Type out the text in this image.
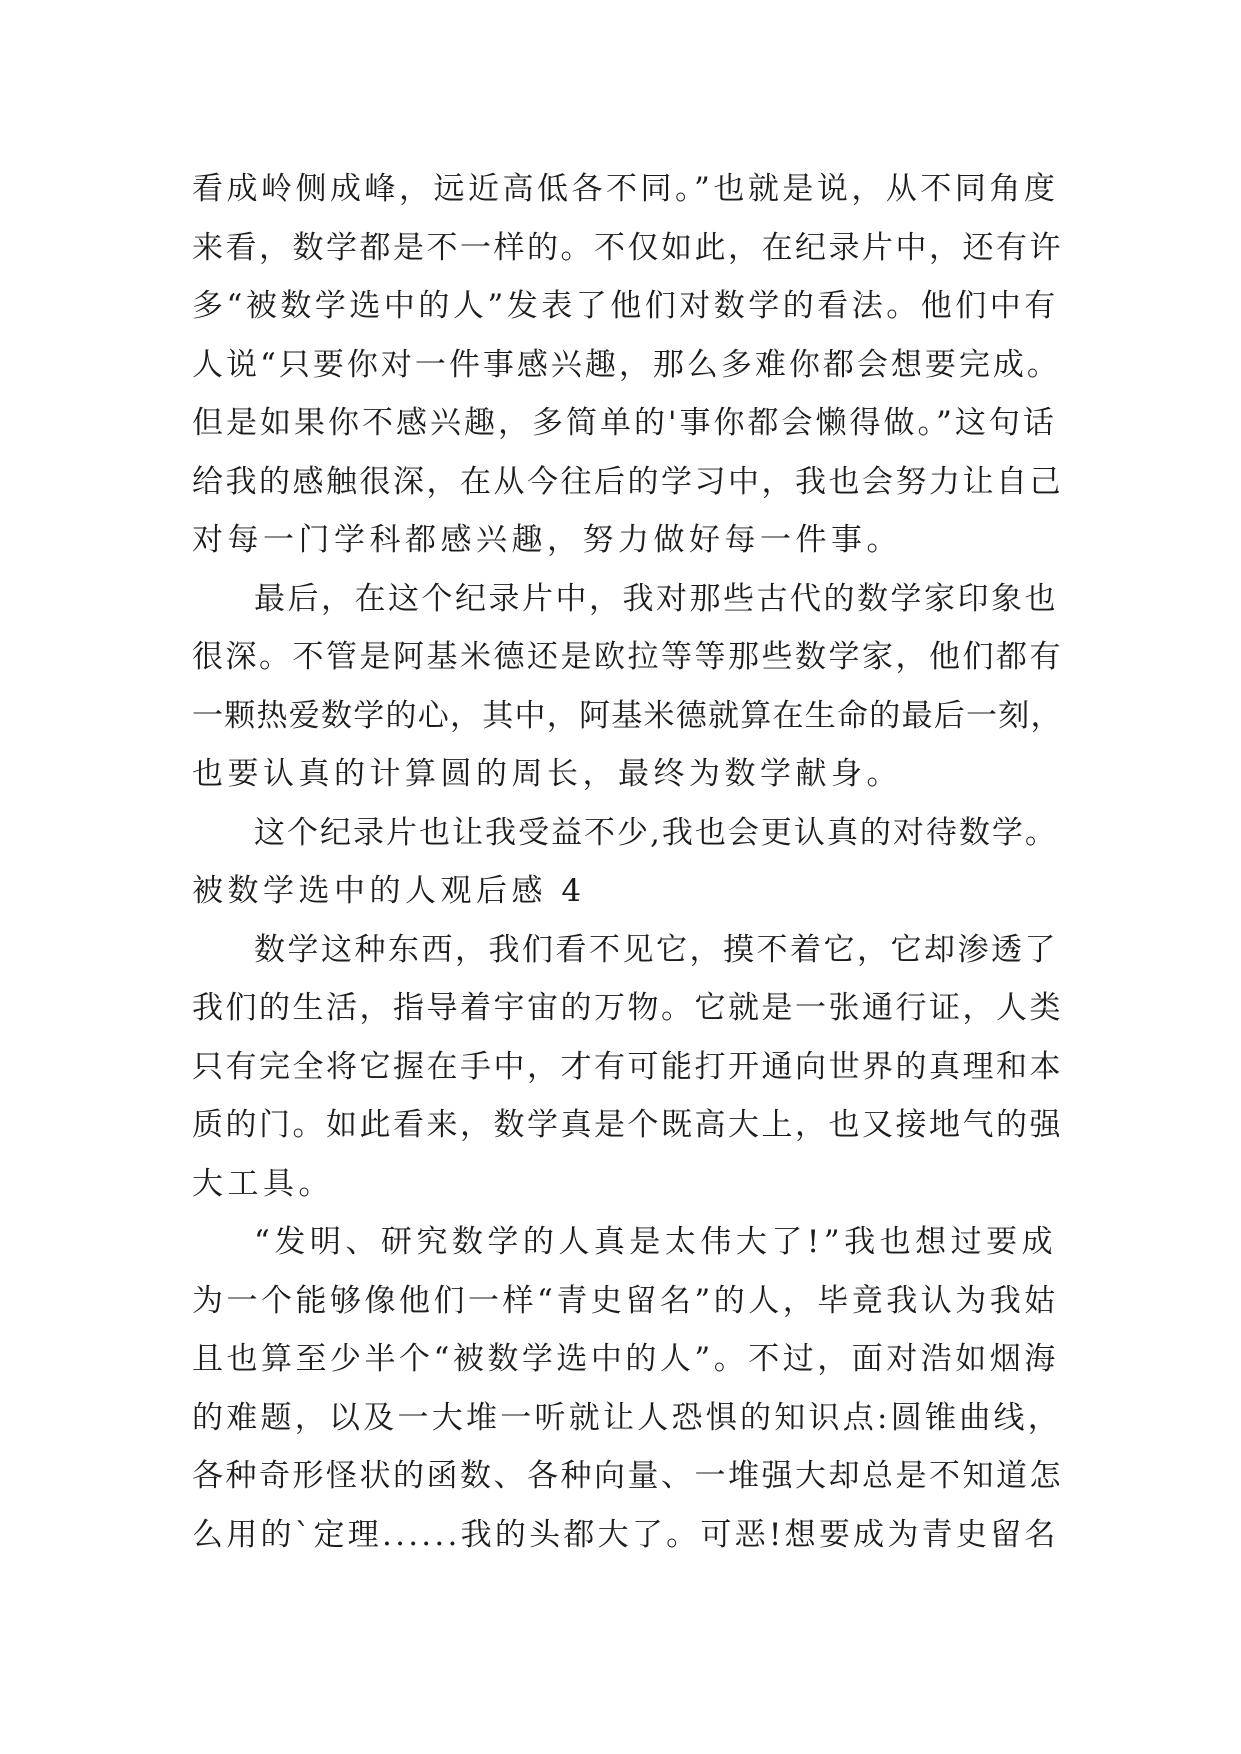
看成岭侧成峰，远近高低各不同。”也就是说，从不同角度
来看，数学都是不一样的。不仅如此，在纪录片中，还有许
多“被数学选中的人”发表了他们对数学的看法。他们中有
人说“只要你对一件事感兴趣，那么多难你都会想要完成。
但是如果你不感兴趣，多简单的'事你都会懒得做。”这句话
给我的感触很深，在从今往后的学习中，我也会努力让自己
对每一门学科都感兴趣，努力做好每一件事。
最后，在这个纪录片中，我对那些古代的数学家印象也
很深。不管是阿基米德还是欧拉等等那些数学家，他们都有
一颗热爱数学的心，其中，阿基米德就算在生命的最后一刻，
也要认真的计算圆的周长，最终为数学献身。
这个纪录片也让我受益不少,我也会更认真的对待数学。
被数学选中的人观后感 4
数学这种东西，我们看不见它，摸不着它，它却渗透了
我们的生活，指导着宇宙的万物。它就是一张通行证，人类
只有完全将它握在手中，才有可能打开通向世界的真理和本
质的门。如此看来，数学真是个既高大上，也又接地气的强
大工具。
“发明、研究数学的人真是太伟大了!”我也想过要成
为一个能够像他们一样“青史留名”的人，毕竟我认为我姑
且也算至少半个“被数学选中的人”。不过，面对浩如烟海
的难题，以及一大堆一听就让人恐惧的知识点:圆锥曲线，
各种奇形怪状的函数、各种向量、一堆强大却总是不知道怎
么用的`定理......我的头都大了。可恶!想要成为青史留名
